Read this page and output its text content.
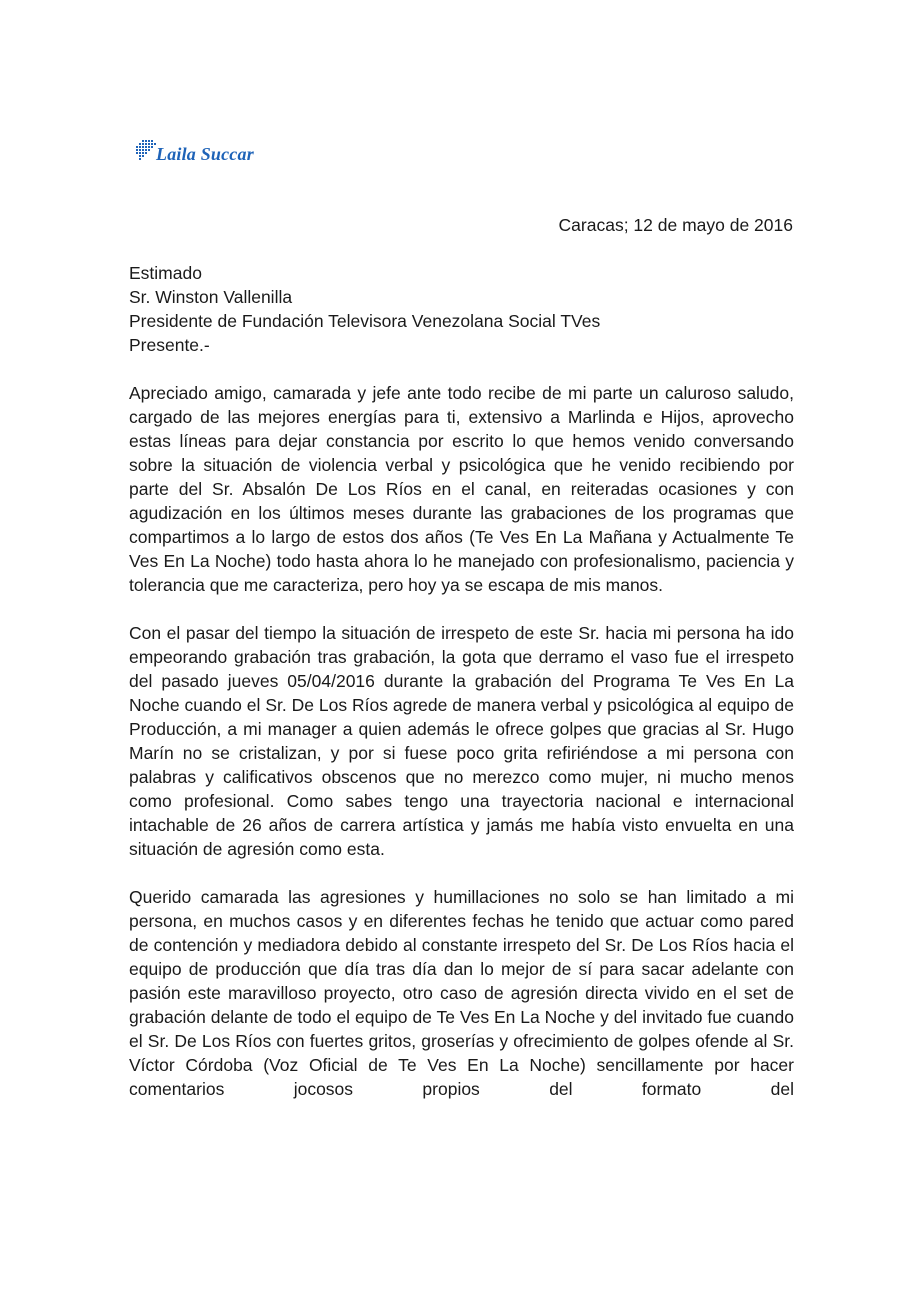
Laila Succar
Caracas; 12 de mayo de 2016
Estimado
Sr. Winston Vallenilla
Presidente de Fundación Televisora Venezolana Social TVes
Presente.-

Apreciado amigo, camarada y jefe ante todo recibe de mi parte un caluroso saludo, cargado de las mejores energías para ti, extensivo a Marlinda e Hijos, aprovecho estas líneas para dejar constancia por escrito lo que hemos venido conversando sobre la situación de violencia verbal y psicológica que he venido recibiendo por parte del Sr. Absalón De Los Ríos en el canal, en reiteradas ocasiones y con agudización en los últimos meses durante las grabaciones de los programas que compartimos a lo largo de estos dos años (Te Ves En La Mañana y Actualmente Te Ves En La Noche) todo hasta ahora lo he manejado con profesionalismo, paciencia y tolerancia que me caracteriza, pero hoy ya se escapa de mis manos.

Con el pasar del tiempo la situación de irrespeto de este Sr. hacia mi persona ha ido empeorando grabación tras grabación, la gota que derramo el vaso fue el irrespeto del pasado jueves 05/04/2016 durante la grabación del Programa Te Ves En La Noche cuando el Sr. De Los Ríos agrede de manera verbal y psicológica al equipo de Producción, a mi manager a quien además le ofrece golpes que gracias al Sr. Hugo Marín no se cristalizan, y por si fuese poco grita refiriéndose a mi persona con palabras y calificativos obscenos que no merezco como mujer, ni mucho menos como profesional. Como sabes tengo una trayectoria nacional e internacional intachable de 26 años de carrera artística y jamás me había visto envuelta en una situación de agresión como esta.

Querido camarada las agresiones y humillaciones no solo se han limitado a mi persona, en muchos casos y en diferentes fechas he tenido que actuar como pared de contención y mediadora debido al constante irrespeto del Sr. De Los Ríos hacia el equipo de producción que día tras día dan lo mejor de sí para sacar adelante con pasión este maravilloso proyecto, otro caso de agresión directa vivido en el set de grabación delante de todo el equipo de Te Ves En La Noche y del invitado fue cuando el Sr. De Los Ríos con fuertes gritos, groserías y ofrecimiento de golpes ofende al Sr. Víctor Córdoba (Voz Oficial de Te Ves En La Noche) sencillamente por hacer comentarios jocosos propios del formato del
